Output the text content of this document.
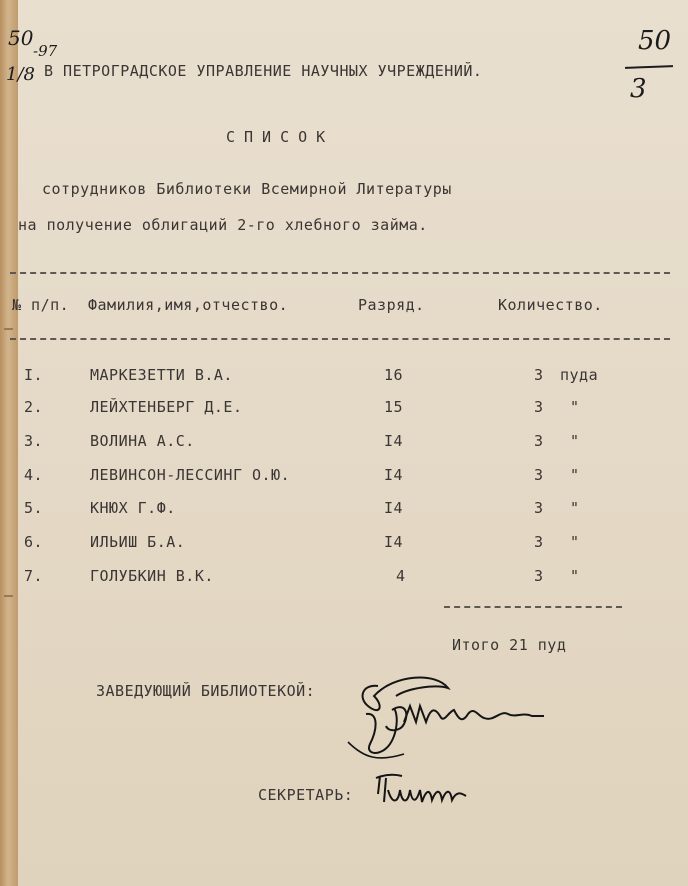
50
1/8
-97	50
3
В ПЕТРОГРАДСКОЕ УПРАВЛЕНИЕ НАУЧНЫХ УЧРЕЖДЕНИЙ.
СПИСОК
сотрудников Библиотеки Всемирной Литературы
на получение облигаций 2-го хлебного займа.
№ п/п. Фамилия,имя,отчество.	Разряд.	Количество.
I.	МАРКЕЗЕТТИ В.А.	16	3 пуда
2.	ЛЕЙХТЕНБЕРГ Д.Е.	15	3 "
3.	ВОЛИНА А.С.	I4	3 "
4.	ЛЕВИНСОН-ЛЕССИНГ О.Ю.	I4	3 "
5.	КНЮХ Г.Ф.	I4	3 "
6.	ИЛЬИШ Б.А.	I4	3 "
7.	ГОЛУБКИН В.К.	4	3 "
Итого 21 пуд
ЗАВЕДУЮЩИЙ БИБЛИОТЕКОЙ:
СЕКРЕТАРЬ:
